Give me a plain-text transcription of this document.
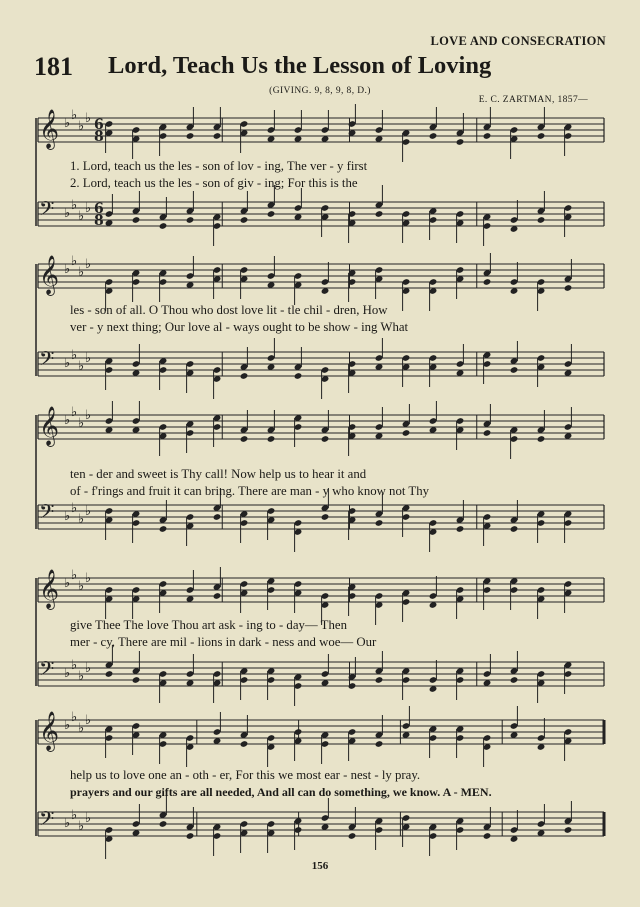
LOVE AND CONSECRATION
181 Lord, Teach Us the Lesson of Loving
(GIVING. 9, 8, 9, 8, D.)
E. C. ZARTMAN, 1857—
𝄞 ♭
♭
♭
♭
𝄞 ♭
♭
♭
♭
𝄞 ♭
♭
♭
♭
𝄞 ♭
♭
♭
♭
𝄞 ♭
♭
♭
♭
𝄢 ♭
♭
♭
♭
𝄢 ♭
♭
♭
♭
𝄢 ♭
♭
♭
♭
𝄢 ♭
♭
♭
♭
𝄢 ♭
♭
♭
♭
6
6
8
8
1. Lord, teach us the les - son of lov - ing, The ver - y first
2. Lord, teach us the les - son of giv - ing; For this is the
les - son of all. O Thou who dost love lit - tle chil - dren, How
ver - y next thing; Our love al - ways ought to be show - ing What
ten - der and sweet is Thy call! Now help us to hear it and
of - f'rings and fruit it can bring. There are man - y who know not Thy
give Thee The love Thou art ask - ing to - day— Then
mer - cy, There are mil - lions in dark - ness and woe— Our
help us to love one an - oth - er, For this we most ear - nest - ly pray.
prayers and our gifts are all needed, And all can do something, we know. A - MEN.
156
